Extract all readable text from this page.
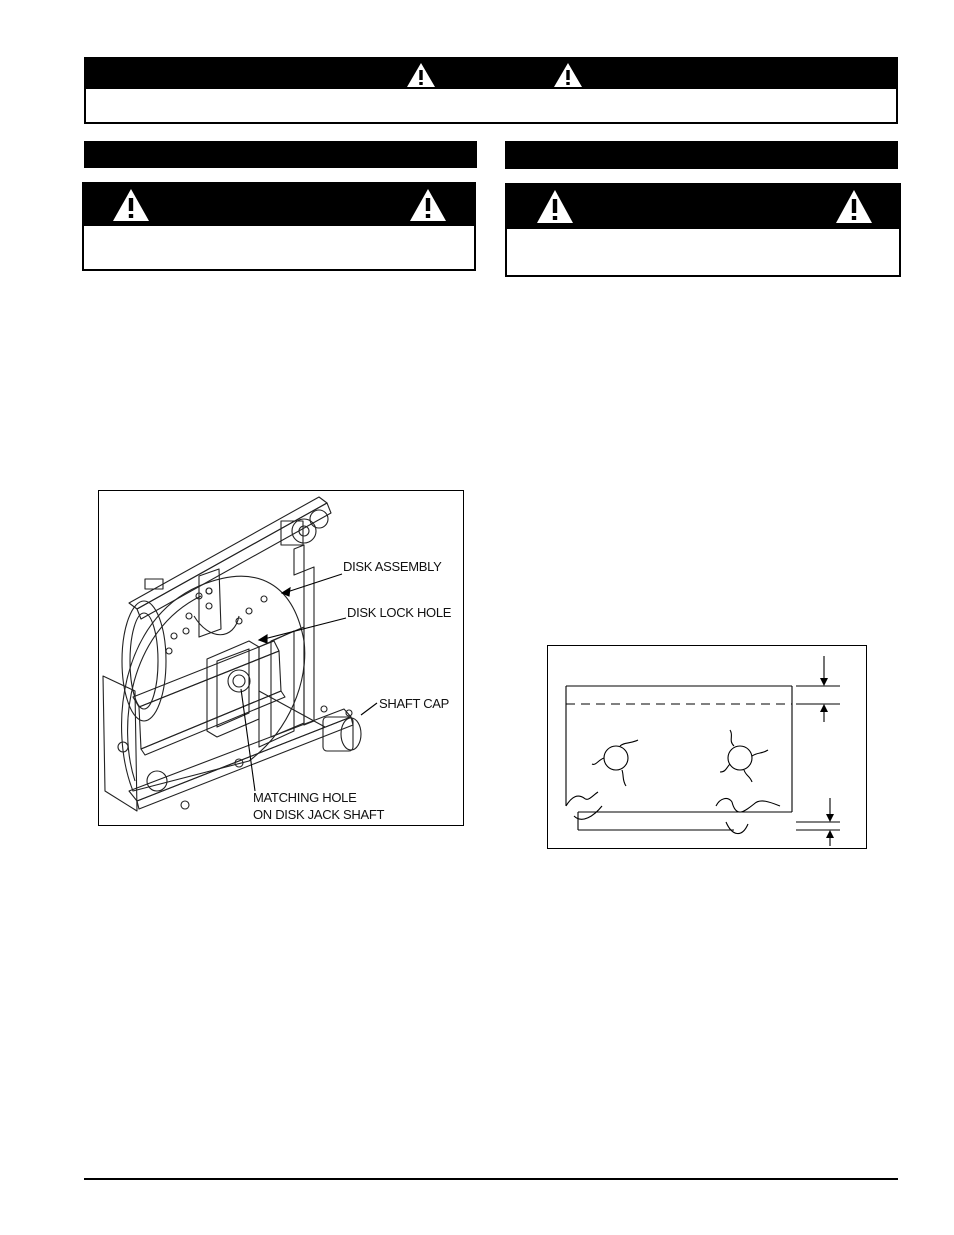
DISK ASSEMBLY
DISK LOCK HOLE
SHAFT CAP
MATCHING HOLE
ON DISK JACK SHAFT
